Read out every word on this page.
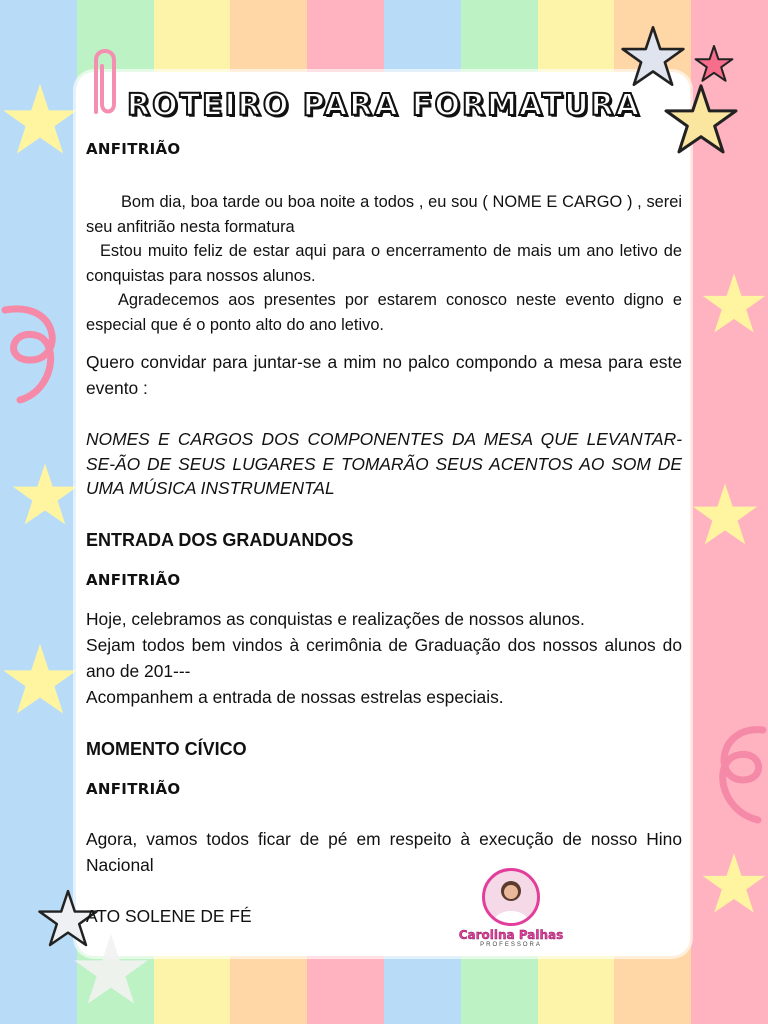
ROTEIRO PARA FORMATURA
ANFITRIÃO

Bom dia, boa tarde ou boa noite a todos , eu sou ( NOME E CARGO ) , serei seu anfitrião nesta formatura

Estou muito feliz de estar aqui para o encerramento de mais um ano letivo de conquistas para nossos alunos.

Agradecemos aos presentes por estarem conosco neste evento digno e especial que é o ponto alto do ano letivo.

Quero convidar para juntar-se a mim no palco compondo a mesa para este evento :

NOMES E CARGOS DOS COMPONENTES DA MESA QUE LEVANTAR-SE-ÃO DE SEUS LUGARES E TOMARÃO SEUS ACENTOS AO SOM DE UMA MÚSICA INSTRUMENTAL

ENTRADA DOS GRADUANDOS
ANFITRIÃO

Hoje, celebramos as conquistas e realizações de nossos alunos.

Sejam todos bem vindos à cerimônia de Graduação dos nossos alunos do ano de 201---

Acompanhem a entrada de nossas estrelas especiais.

MOMENTO CÍVICO
ANFITRIÃO

Agora, vamos todos ficar de pé em respeito à execução de nosso Hino Nacional

ATO SOLENE DE FÉ
Carolina Palhas
PROFESSORA
